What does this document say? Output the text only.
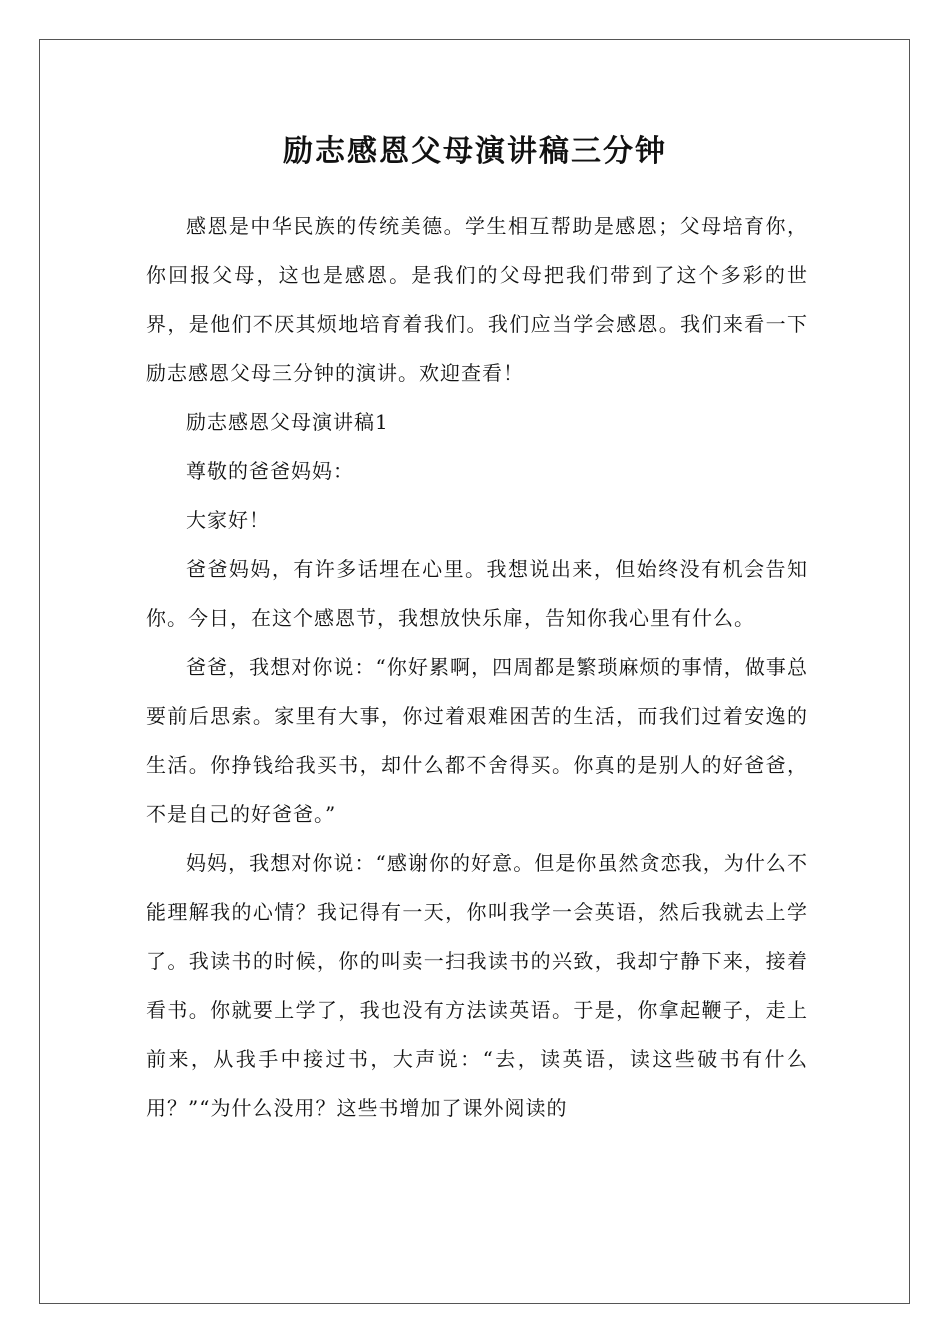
励志感恩父母演讲稿三分钟

感恩是中华民族的传统美德。学生相互帮助是感恩；父母培育你，你回报父母，这也是感恩。是我们的父母把我们带到了这个多彩的世界，是他们不厌其烦地培育着我们。我们应当学会感恩。我们来看一下励志感恩父母三分钟的演讲。欢迎查看！

励志感恩父母演讲稿1

尊敬的爸爸妈妈：

大家好！

爸爸妈妈，有许多话埋在心里。我想说出来，但始终没有机会告知你。今日，在这个感恩节，我想放快乐扉，告知你我心里有什么。

爸爸，我想对你说：“你好累啊，四周都是繁琐麻烦的事情，做事总要前后思索。家里有大事，你过着艰难困苦的生活，而我们过着安逸的生活。你挣钱给我买书，却什么都不舍得买。你真的是别人的好爸爸，不是自己的好爸爸。”

妈妈，我想对你说：“感谢你的好意。但是你虽然贪恋我，为什么不能理解我的心情？我记得有一天，你叫我学一会英语，然后我就去上学了。我读书的时候，你的叫卖一扫我读书的兴致，我却宁静下来，接着看书。你就要上学了，我也没有方法读英语。于是，你拿起鞭子，走上前来，从我手中接过书，大声说：“去，读英语，读这些破书有什么用？”“为什么没用？这些书增加了课外阅读的
